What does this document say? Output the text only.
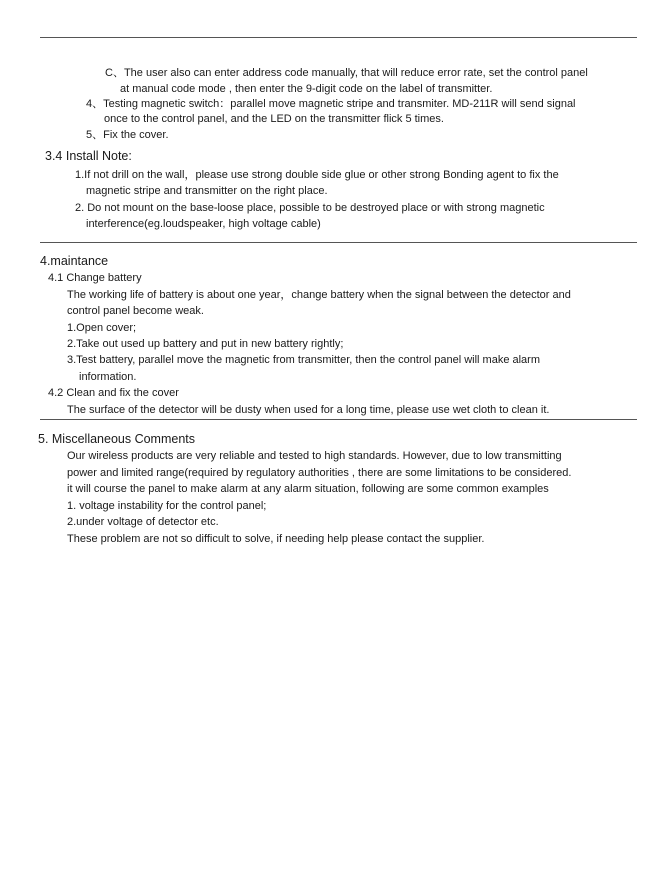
C、The user also can enter address code manually, that will reduce error rate, set the control panel
at manual code mode , then enter the 9-digit code on the label of transmitter.
4、Testing magnetic switch：parallel move magnetic stripe and transmiter. MD-211R will send signal
once to the control panel, and the LED on the transmitter flick 5 times.
5、Fix the cover.
3.4 Install Note:
1.If not drill on the wall，please use strong double side glue or other strong Bonding agent to fix the
magnetic stripe and transmitter on the right place.
2. Do not mount on the base-loose place, possible to be destroyed place or with strong magnetic
interference(eg.loudspeaker, high voltage cable)
4.maintance
4.1 Change battery
The working life of battery is about one year，change battery when the signal between the detector and
control panel become weak.
1.Open cover;
2.Take out used up battery and put in new battery rightly;
3.Test battery, parallel move the magnetic from transmitter, then the control panel will make alarm
information.
4.2 Clean and fix the cover
The surface of the detector will be dusty when used for a long time, please use wet cloth to clean it.
5. Miscellaneous Comments
Our wireless products are very reliable and tested to high standards. However, due to low transmitting
power and limited range(required by regulatory authorities , there are some limitations to be considered.
it will course the panel to make alarm at any alarm situation, following are some common examples
1. voltage instability for the control panel;
2.under voltage of detector etc.
These problem are not so difficult to solve, if needing help please contact the supplier.
